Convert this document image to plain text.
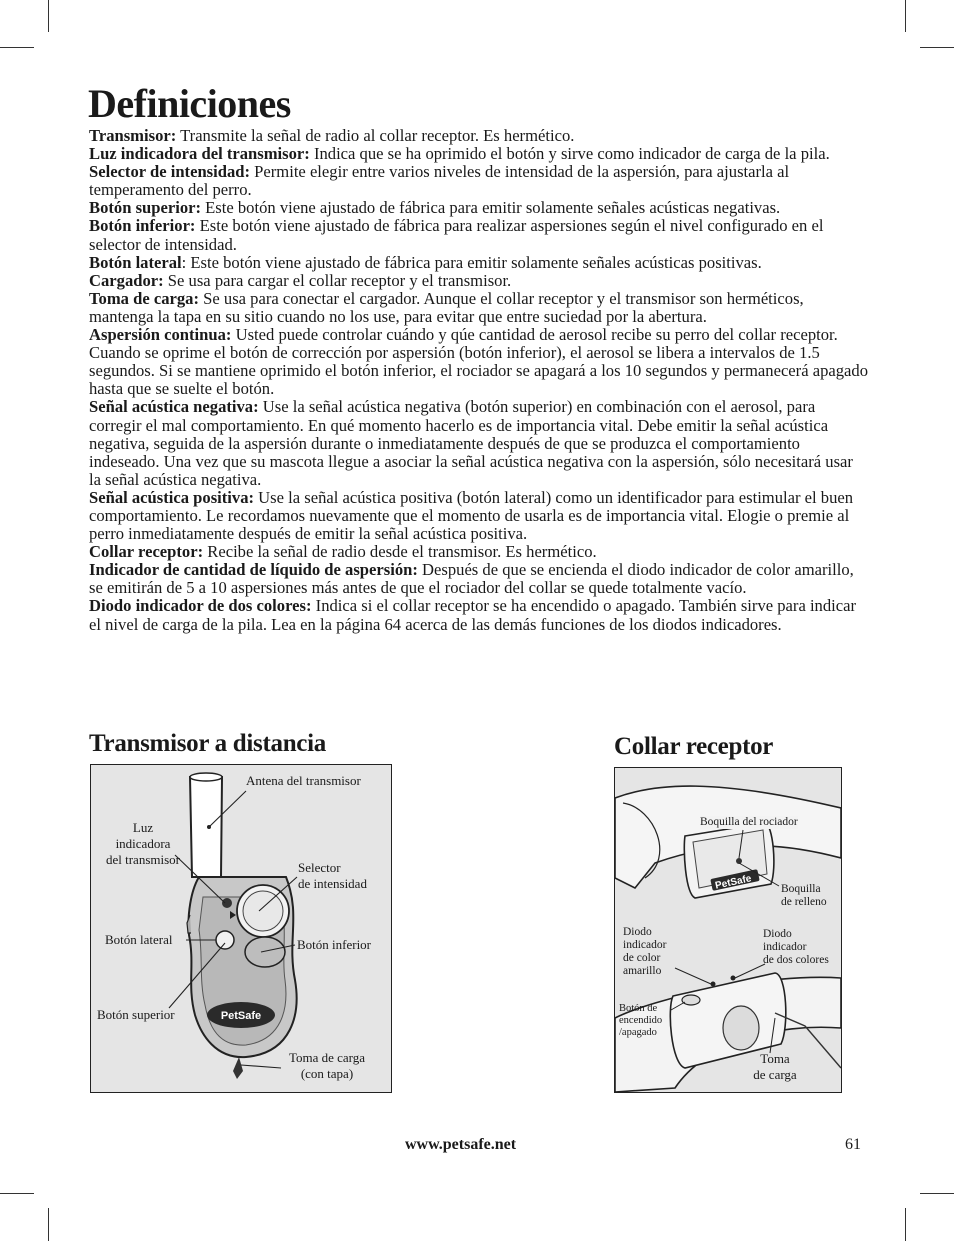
Definiciones

Transmisor: Transmite la señal de radio al collar receptor. Es hermético.

Luz indicadora del transmisor: Indica que se ha oprimido el botón y sirve como indicador de carga de la pila.

Selector de intensidad: Permite elegir entre varios niveles de intensidad de la aspersión, para ajustarla al temperamento del perro.

Botón superior: Este botón viene ajustado de fábrica para emitir solamente señales acústicas negativas.

Botón inferior: Este botón viene ajustado de fábrica para realizar aspersiones según el nivel configurado en el selector de intensidad.

Botón lateral: Este botón viene ajustado de fábrica para emitir solamente señales acústicas positivas.

Cargador: Se usa para cargar el collar receptor y el transmisor.

Toma de carga: Se usa para conectar el cargador. Aunque el collar receptor y el transmisor son herméticos, mantenga la tapa en su sitio cuando no los use, para evitar que entre suciedad por la abertura.

Aspersión continua: Usted puede controlar cuándo y qúe cantidad de aerosol recibe su perro del collar receptor. Cuando se oprime el botón de corrección por aspersión (botón inferior), el aerosol se libera a intervalos de 1.5 segundos. Si se mantiene oprimido el botón inferior, el rociador se apagará a los 10 segundos y permanecerá apagado hasta que se suelte el botón.

Señal acústica negativa: Use la señal acústica negativa (botón superior) en combinación con el aerosol, para corregir el mal comportamiento. En qué momento hacerlo es de importancia vital. Debe emitir la señal acústica negativa, seguida de la aspersión durante o inmediatamente después de que se produzca el comportamiento indeseado. Una vez que su mascota llegue a asociar la señal acústica negativa con la aspersión, sólo necesitará usar la señal acústica negativa.

Señal acústica positiva: Use la señal acústica positiva (botón lateral) como un identificador para estimular el buen comportamiento. Le recordamos nuevamente que el momento de usarla es de importancia vital. Elogie o premie al perro inmediatamente después de emitir la señal acústica positiva.

Collar receptor: Recibe la señal de radio desde el transmisor. Es hermético.

Indicador de cantidad de líquido de aspersión: Después de que se encienda el diodo indicador de color amarillo, se emitirán de 5 a 10 aspersiones más antes de que el rociador del collar se quede totalmente vacío.

Diodo indicador de dos colores: Indica si el collar receptor se ha encendido o apagado. También sirve para indicar el nivel de carga de la pila. Lea en la página 64 acerca de las demás funciones de los diodos indicadores.

Transmisor a distancia
PetSafe
Antena del transmisor
Luz
indicadora
del transmisor
Selector
de intensidad
Botón lateral	Botón inferior
Botón superior
Toma de carga
(con tapa)
Collar receptor
PetSafe
Boquilla del rociador
Boquilla
de relleno
Diodo
indicador
de color
amarillo
Diodo
indicador
de dos colores
Botón de
encendido
/apagado
Toma
de carga
www.petsafe.net	61
